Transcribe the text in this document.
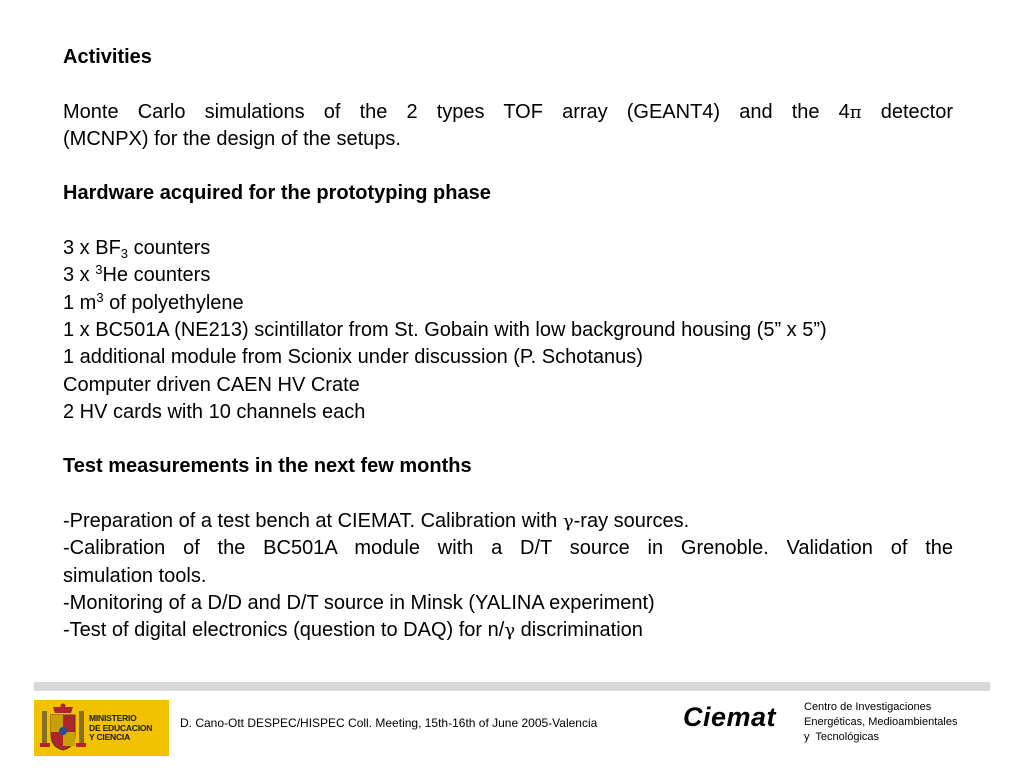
Activities
Monte Carlo simulations of the 2 types TOF array (GEANT4) and the 4π detector
(MCNPX) for the design of the setups.
Hardware acquired for the prototyping phase
3 x $BF_3$ counters
3 x $^3$He counters
1 $m^3$ of polyethylene
1 x BC501A (NE213) scintillator from St. Gobain with low background housing (5” x 5”)
1 additional module from Scionix under discussion (P. Schotanus)
Computer driven CAEN HV Crate
2 HV cards with 10 channels each
Test measurements in the next few months
-Preparation of a test bench at CIEMAT. Calibration with γ-ray sources.
-Calibration of the BC501A module with a D/T source in Grenoble. Validation of the
simulation tools.
-Monitoring of a D/D and D/T source in Minsk (YALINA experiment)
-Test of digital electronics (question to DAQ) for n/γ discrimination
MINISTERIO
DE EDUCACION
Y CIENCIA
D. Cano-Ott DESPEC/HISPEC Coll. Meeting, 15th-16th of June 2005-Valencia	Ciemat	Centro de Investigaciones
Energéticas, Medioambientales
y  Tecnológicas
